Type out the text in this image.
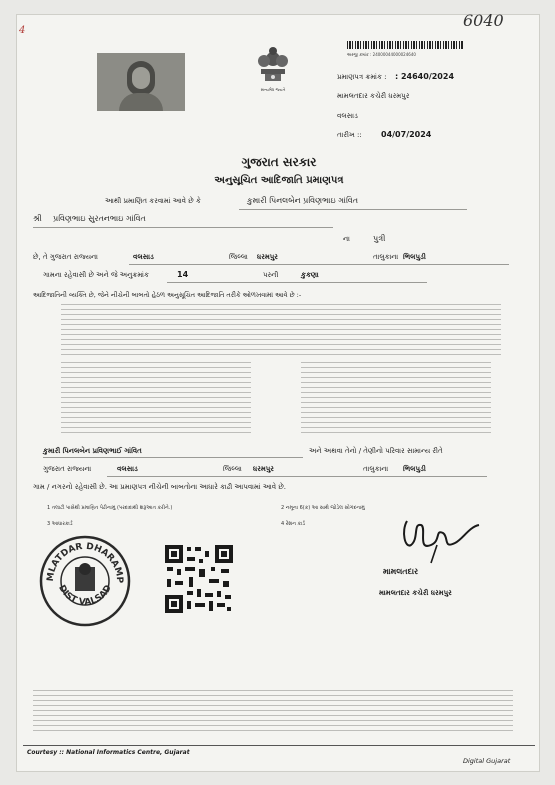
6040
4
સત્યમેવ જયતે
અરજી ક્રમાંક : 24000044000024640
પ્રમાણપત્ર ક્રમાંક : : 24640/2024
મામલતદાર કચેરી ધરમપુર
વલસાડ
તારીખ :: 04/07/2024
ગુજરાત સરકાર
અનુસૂચિત આદિજાતિ પ્રમાણપત્ર
આથી પ્રમાણિત કરવામાં આવે છે કે	કુમારી પિનલબેન પ્રવિણભાઇ ગાંવિત
શ્રી પ્રવિણભાઇ સુરતનભાઇ ગાંવિત
ના	પુત્રી
છે, તે ગુજરાત રાજ્યના	વલસાડ	જિલ્લા ધરમપુર	તાલુકાના ભિલપુડી
ગામના રહેવાસી છે અને જે અનુક્રમાંક	14	પરની	કુકણા
આદિજાતિની વ્યક્તિ છે, જેને નીચેની બાબતો હેઠળ અનુસૂચિત આદિજાતિ તરીકે ઓળખવામાં આવે છે :-
કુમારી પિનલબેન પ્રવિણભાઈ ગાંવિત	અને અથવા તેનો / તેણીનો પરિવાર સામાન્ય રીતે
ગુજરાત રાજ્યના	વલસાડ	જિલ્લા ધરમપુર	તાલુકાના ભિલપુડી
ગામ / નગરનો રહેવાસી છે. આ પ્રમાણપત્ર નીચેની બાબતોના આધારે કાઢી આપવામાં આવે છે.
1 તલાટી પાસેથી પ્રમાણિત પેઢીનામું (પરદાદાથી શરૂઆત કરીને.)	2 નમૂના 6(ક) આ સાથે જોડેલ સોગંદનામું
3 આધારકાર્ડ	4 રેશન કાર્ડ
MLATDAR DHARAMP
DIST VALSAD
મામલતદાર
મામલતદાર કચેરી ધરમપુર
Courtesy :: National Informatics Centre, Gujarat
Digital Gujarat
